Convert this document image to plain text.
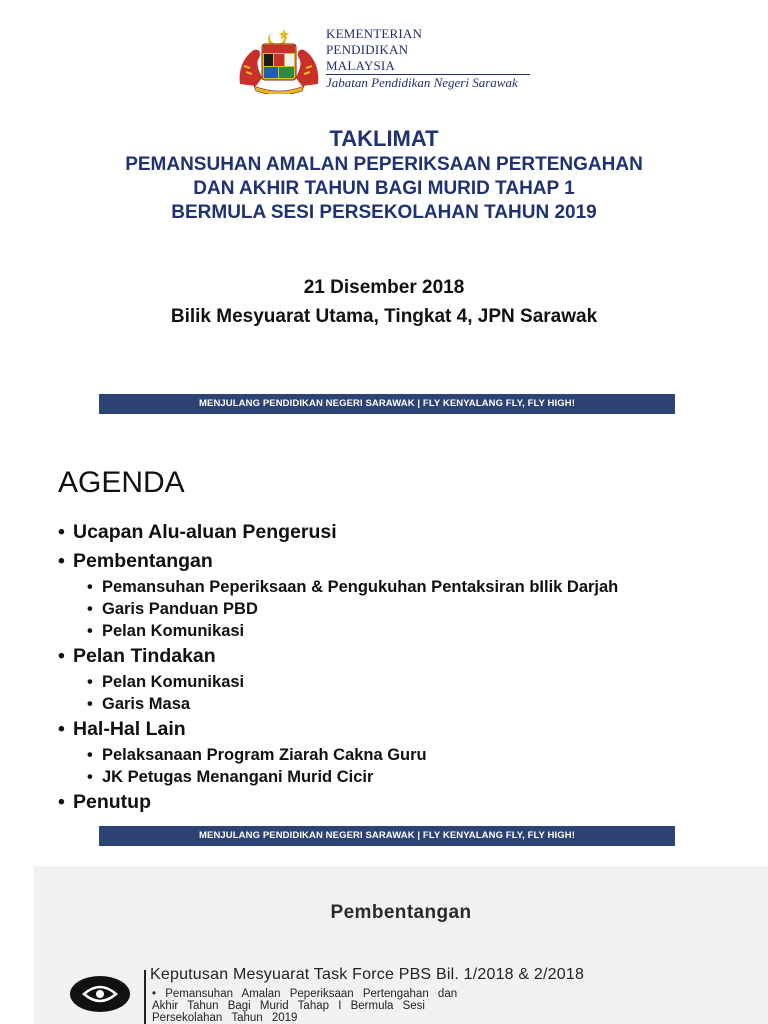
KEMENTERIAN
PENDIDIKAN
MALAYSIA
Jabatan Pendidikan Negeri Sarawak
TAKLIMAT
PEMANSUHAN AMALAN PEPERIKSAAN PERTENGAHAN
DAN AKHIR TAHUN BAGI MURID TAHAP 1
BERMULA SESI PERSEKOLAHAN TAHUN 2019
21 Disember 2018
Bilik Mesyuarat Utama, Tingkat 4, JPN Sarawak
MENJULANG PENDIDIKAN NEGERI SARAWAK | FLY KENYALANG FLY, FLY HIGH!
AGENDA
• Ucapan Alu-aluan Pengerusi
• Pembentangan
• Pemansuhan Peperiksaan & Pengukuhan Pentaksiran bIlik Darjah
• Garis Panduan PBD
• Pelan Komunikasi
• Pelan Tindakan
• Pelan Komunikasi
• Garis Masa
• Hal-Hal Lain
• Pelaksanaan Program Ziarah Cakna Guru
• JK Petugas Menangani Murid Cicir
• Penutup
MENJULANG PENDIDIKAN NEGERI SARAWAK | FLY KENYALANG FLY, FLY HIGH!
Pembentangan
Keputusan Mesyuarat Task Force PBS Bil. 1/2018 & 2/2018
• Pemansuhan Amalan Peperiksaan Pertengahan dan
Akhir Tahun Bagi Murid Tahap I Bermula Sesi
Persekolahan Tahun 2019
